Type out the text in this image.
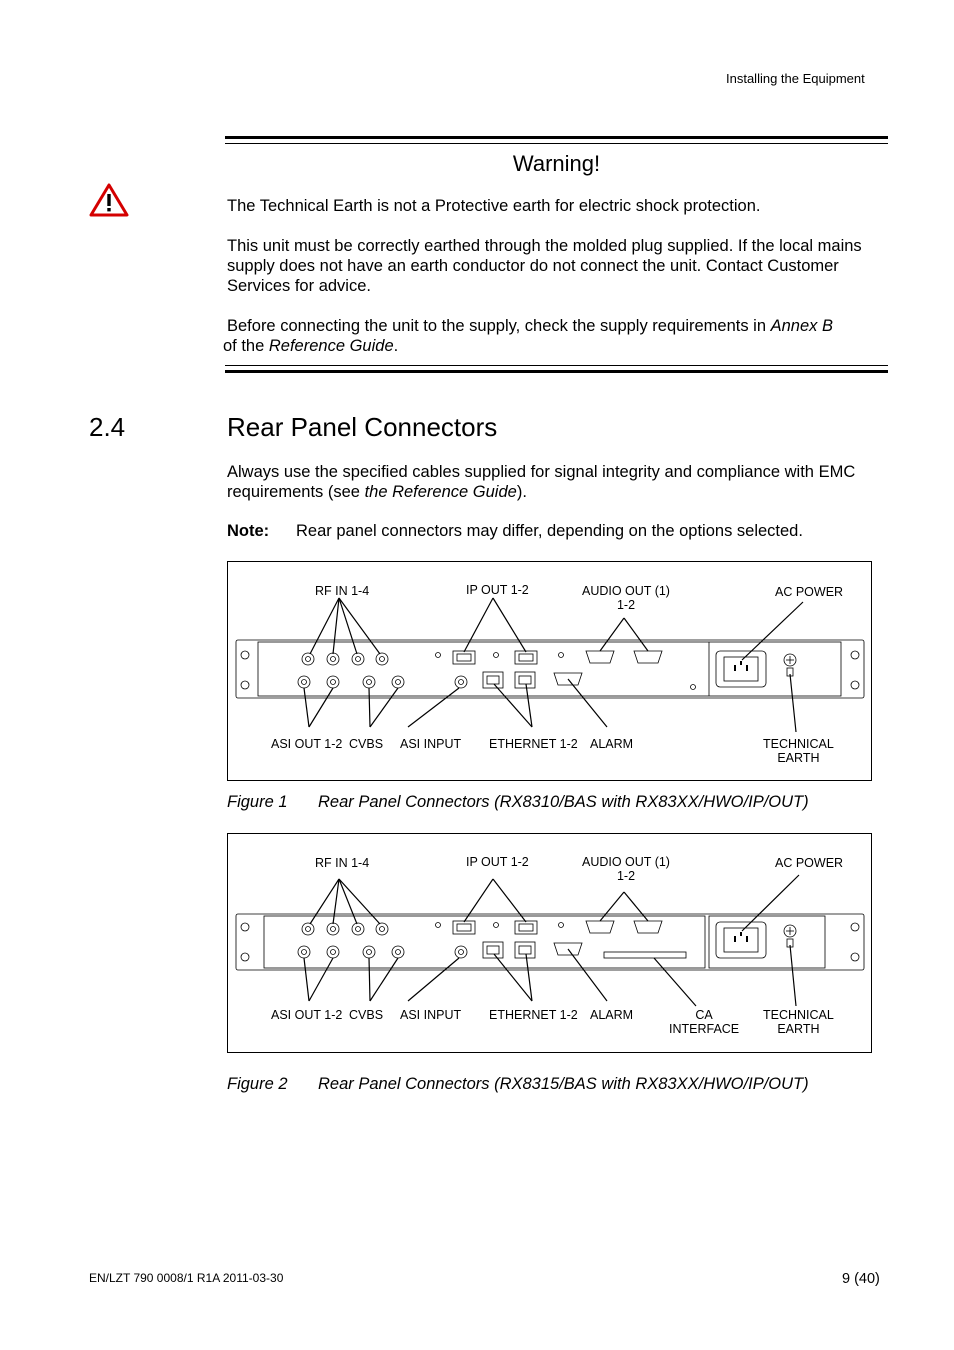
Installing the Equipment
Warning!
The Technical Earth is not a Protective earth for electric shock protection.
This unit must be correctly earthed through the molded plug supplied. If the local mains supply does not have an earth conductor do not connect the unit. Contact Customer Services for advice.
Before connecting the unit to the supply, check the supply requirements in Annex B
of the Reference Guide.
2.4	Rear Panel Connectors
Always use the specified cables supplied for signal integrity and compliance with EMC requirements (see the Reference Guide).
Note: Rear panel connectors may differ, depending on the options selected.
RF IN 1-4	IP OUT 1-2	AUDIO OUT (1)
1-2
AC POWER
ASI OUT 1-2 CVBS ASI INPUT ETHERNET 1-2 ALARM	TECHNICAL
EARTH
Figure 1 Rear Panel Connectors (RX8310/BAS with RX83XX/HWO/IP/OUT)
RF IN 1-4	IP OUT 1-2	AUDIO OUT (1)
1-2
AC POWER
ASI OUT 1-2 CVBS ASI INPUT ETHERNET 1-2 ALARM	CA
INTERFACE
TECHNICAL
EARTH
Figure 2 Rear Panel Connectors (RX8315/BAS with RX83XX/HWO/IP/OUT)
EN/LZT 790 0008/1 R1A 2011-03-30	9 (40)
